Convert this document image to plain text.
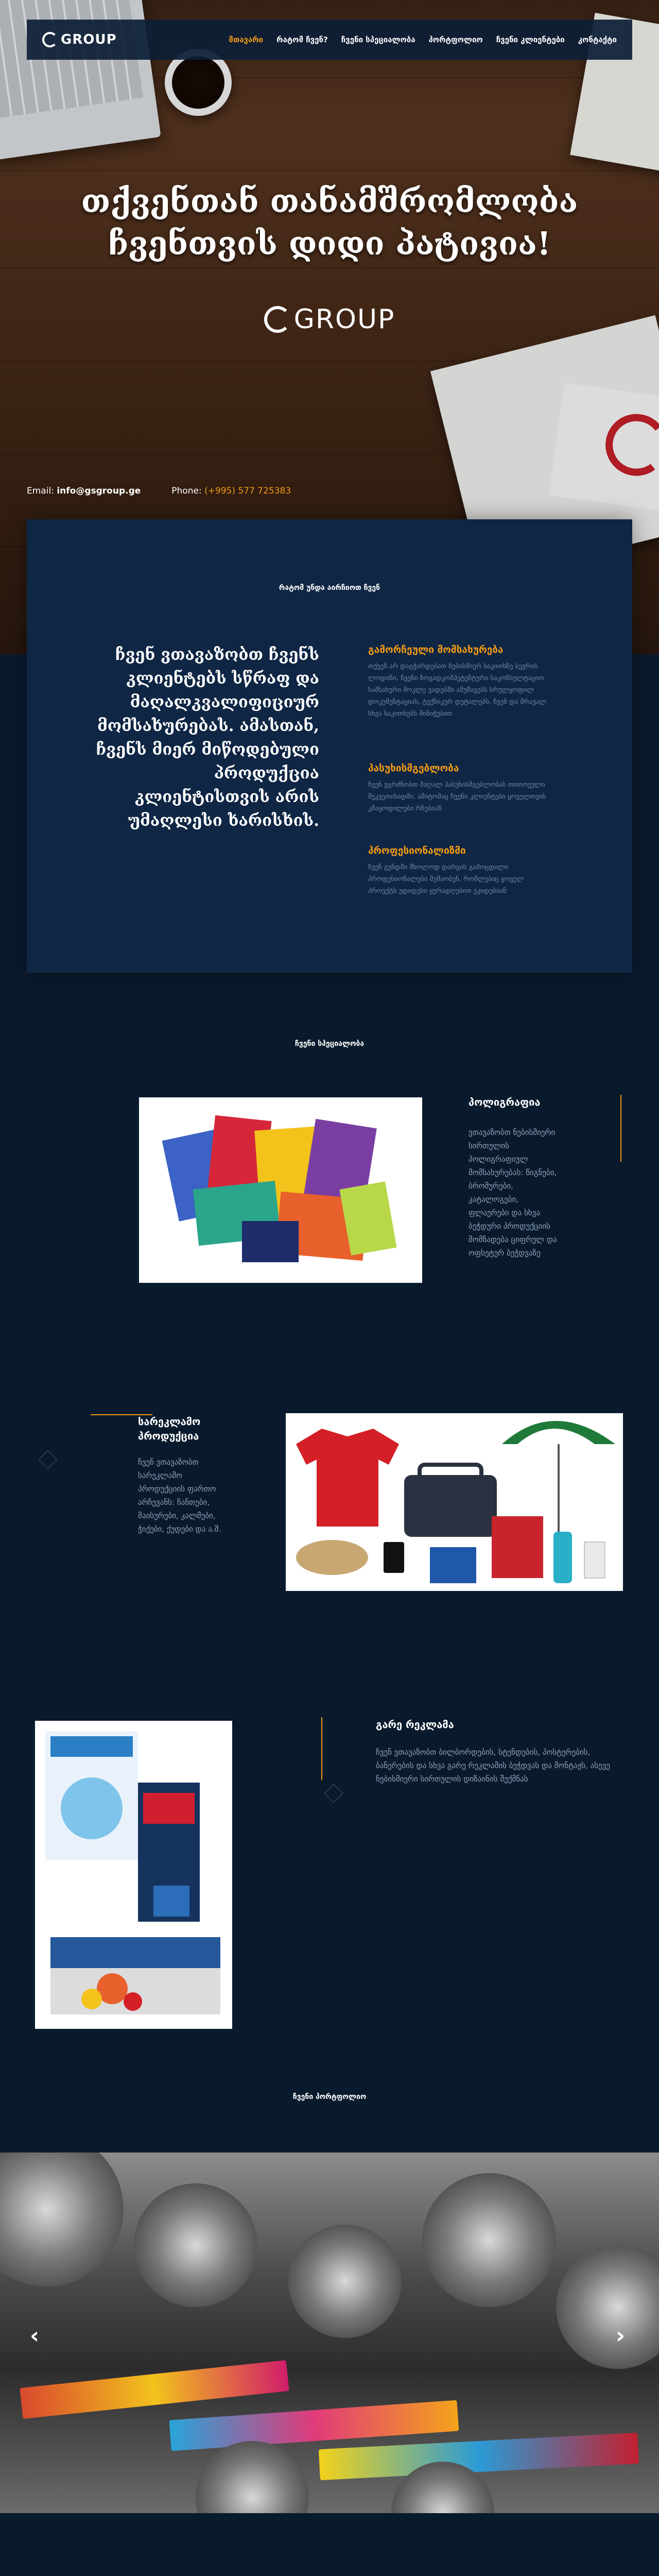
GROUP	მთავარი რატომ ჩვენ? ჩვენი სპეციალობა პორტფოლიო ჩვენი კლიენტები კონტაქტი
თქვენთან თანამშრომლობა
ჩვენთვის დიდი პატივია!
GROUP
Email: info@gsgroup.ge	Phone: (+995) 577 725383
რატომ უნდა აირჩიოთ ჩვენ
ჩვენ ვთავაზობთ ჩვენს კლიენტებს სწრაფ და მაღალკვალიფიციურ მომსახურებას. ამასთან, ჩვენს მიერ მიწოდებული პროდუქცია კლიენტისთვის არის უმაღლესი ხარისხის.
გამორჩეული მომსახურება

თქვენ არ დაგჭირდებათ ნებისმიერ საკითხზე ბევრის ლოდინი, ჩვენი ზოგადკომპეტენტური საკონსულტაციო სამსახური მოკლე ვადებში ამუშავებს სრულყოფილ დოკუმენტაციას, ტექნიკურ დეტალებს, ჩვენ და მრავალ სხვა საკითხებს მინიჭებით

პასუხისმგებლობა

ჩვენ ვგრძნობთ მაღალ პასუხისმგებლობას თითოეული შეკვეთისადმი. ამიტომაც ჩვენი კლიენტები ყოველთვის კმაყოფილები რჩებიან

პროფესიონალიზმი

ჩვენ გუნდში მხოლოდ დარგის გამოცდილი პროფესიონალები მუშაობენ, რომლებიც ყოველ პროექტს უდიდესი ყურადღებით ეკიდებიან

ჩვენი სპეციალობა
პოლიგრაფია
ვთავაზობთ ნებისმიერი სირთულის პოლიგრაფიულ მომსახურებას: წიგნები, ბროშურები, კატალოგები, ფლაერები და სხვა ბეჭდური პროდუქციის მომზადება ციფრულ და ოფსეტურ ბეჭდვაზე
სარეკლამო პროდუქცია
ჩვენ ვთავაზობთ სარეკლამო პროდუქციის ფართო არჩევანს: ჩანთები, მაისურები, კალმები, ჭიქები, ქუდები და ა.შ.
გარე რეკლამა
ჩვენ ვთავაზობთ ბილბორდების, სტენდების, პოსტერების, ბანერების და სხვა გარე რეკლამის ბეჭდვას და მონტაჟს, ასევე ნებისმიერი სირთულის დიზაინის შექმნას
ჩვენი პორტფოლიო
‹	›
